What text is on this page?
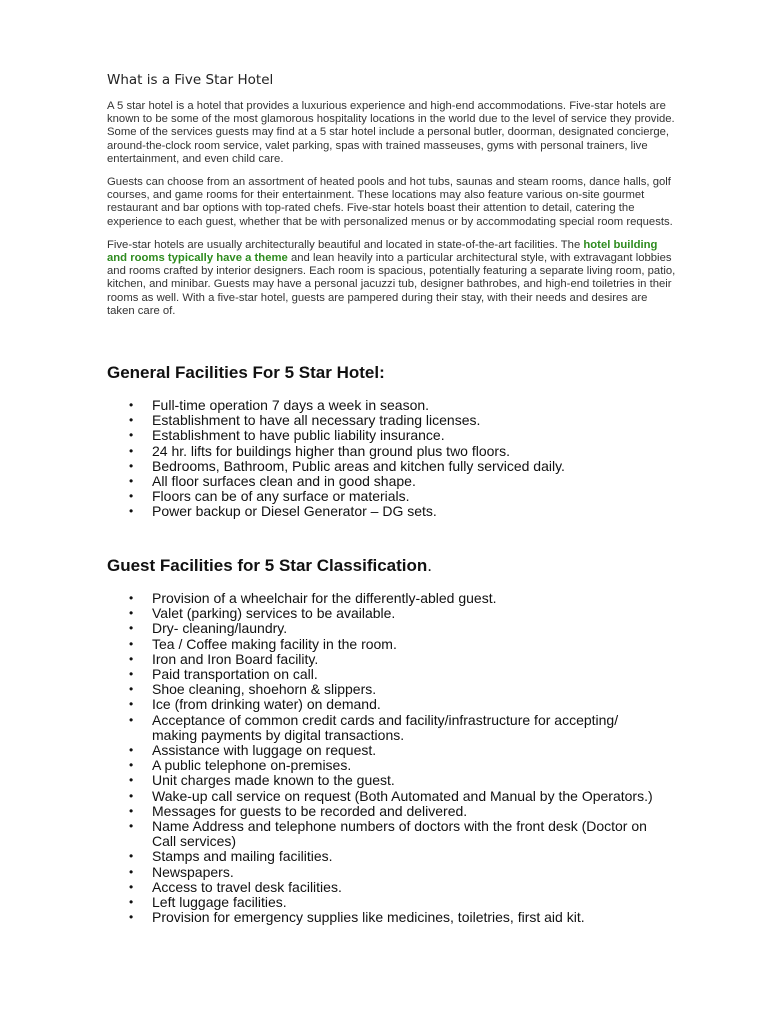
What is a Five Star Hotel

A 5 star hotel is a hotel that provides a luxurious experience and high-end accommodations. Five-star hotels are known to be some of the most glamorous hospitality locations in the world due to the level of service they provide. Some of the services guests may find at a 5 star hotel include a personal butler, doorman, designated concierge, around-the-clock room service, valet parking, spas with trained masseuses, gyms with personal trainers, live entertainment, and even child care.

Guests can choose from an assortment of heated pools and hot tubs, saunas and steam rooms, dance halls, golf courses, and game rooms for their entertainment. These locations may also feature various on-site gourmet restaurant and bar options with top-rated chefs. Five-star hotels boast their attention to detail, catering the experience to each guest, whether that be with personalized menus or by accommodating special room requests.

Five-star hotels are usually architecturally beautiful and located in state-of-the-art facilities. The hotel building and rooms typically have a theme and lean heavily into a particular architectural style, with extravagant lobbies and rooms crafted by interior designers. Each room is spacious, potentially featuring a separate living room, patio, kitchen, and minibar. Guests may have a personal jacuzzi tub, designer bathrobes, and high-end toiletries in their rooms as well. With a five-star hotel, guests are pampered during their stay, with their needs and desires are taken care of.

General Facilities For 5 Star Hotel:
• Full-time operation 7 days a week in season.
• Establishment to have all necessary trading licenses.
• Establishment to have public liability insurance.
• 24 hr. lifts for buildings higher than ground plus two floors.
• Bedrooms, Bathroom, Public areas and kitchen fully serviced daily.
• All floor surfaces clean and in good shape.
• Floors can be of any surface or materials.
• Power backup or Diesel Generator – DG sets.
Guest Facilities for 5 Star Classification.
• Provision of a wheelchair for the differently-abled guest.
• Valet (parking) services to be available.
• Dry- cleaning/laundry.
• Tea / Coffee making facility in the room.
• Iron and Iron Board facility.
• Paid transportation on call.
• Shoe cleaning, shoehorn & slippers.
• Ice (from drinking water) on demand.
• Acceptance of common credit cards and facility/infrastructure for accepting/ making payments by digital transactions.
• Assistance with luggage on request.
• A public telephone on-premises.
• Unit charges made known to the guest.
• Wake-up call service on request (Both Automated and Manual by the Operators.)
• Messages for guests to be recorded and delivered.
• Name Address and telephone numbers of doctors with the front desk (Doctor on Call services)
• Stamps and mailing facilities.
• Newspapers.
• Access to travel desk facilities.
• Left luggage facilities.
• Provision for emergency supplies like medicines, toiletries, first aid kit.
